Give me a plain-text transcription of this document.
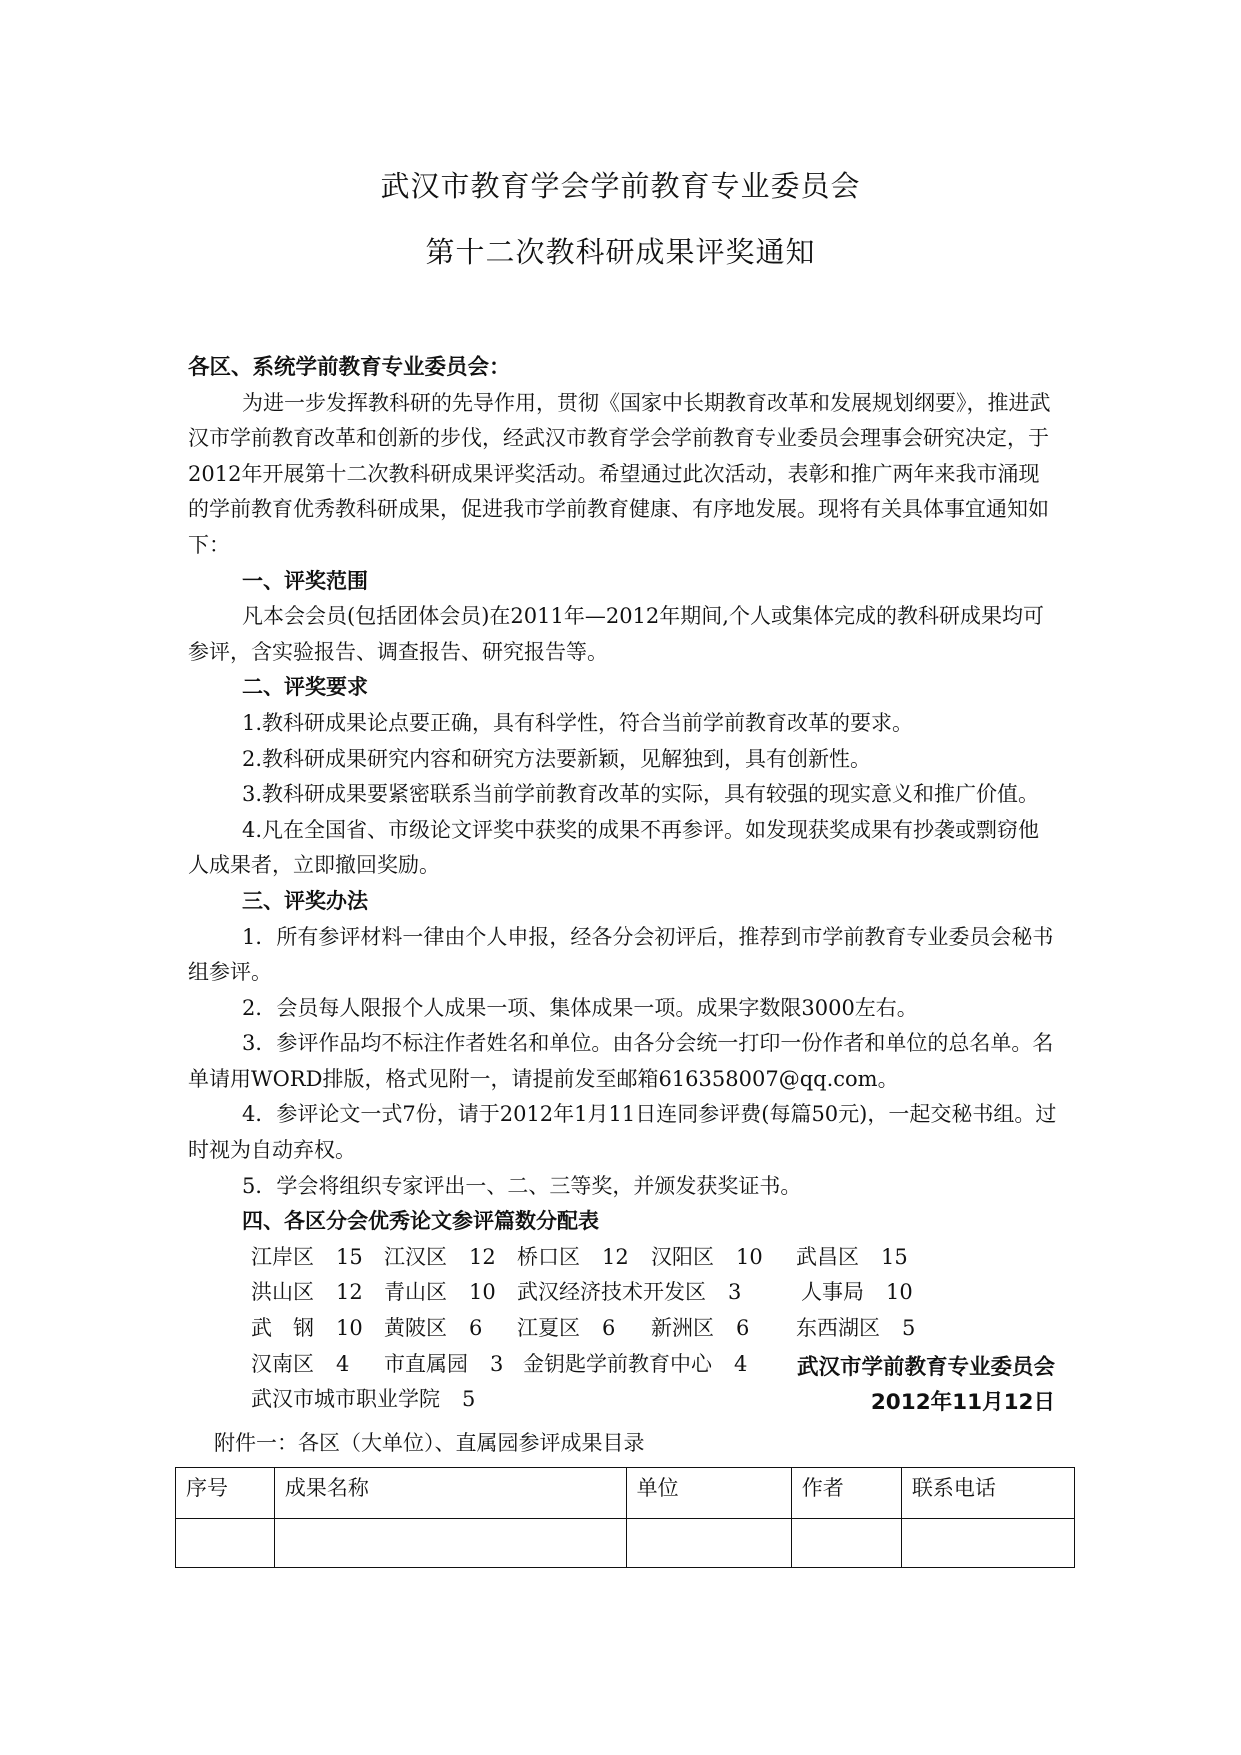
武汉市教育学会学前教育专业委员会
第十二次教科研成果评奖通知

各区、系统学前教育专业委员会：

为进一步发挥教科研的先导作用，贯彻《国家中长期教育改革和发展规划纲要》，推进武汉市学前教育改革和创新的步伐，经武汉市教育学会学前教育专业委员会理事会研究决定，于2012年开展第十二次教科研成果评奖活动。希望通过此次活动，表彰和推广两年来我市涌现的学前教育优秀教科研成果，促进我市学前教育健康、有序地发展。现将有关具体事宜通知如下：

一、评奖范围

凡本会会员(包括团体会员)在2011年—2012年期间,个人或集体完成的教科研成果均可参评，含实验报告、调查报告、研究报告等。

二、评奖要求

1.教科研成果论点要正确，具有科学性，符合当前学前教育改革的要求。

2.教科研成果研究内容和研究方法要新颖，见解独到，具有创新性。

3.教科研成果要紧密联系当前学前教育改革的实际，具有较强的现实意义和推广价值。

4.凡在全国省、市级论文评奖中获奖的成果不再参评。如发现获奖成果有抄袭或剽窃他人成果者，立即撤回奖励。

三、评奖办法

1．所有参评材料一律由个人申报，经各分会初评后，推荐到市学前教育专业委员会秘书组参评。

2．会员每人限报个人成果一项、集体成果一项。成果字数限3000左右。

3．参评作品均不标注作者姓名和单位。由各分会统一打印一份作者和单位的总名单。名单请用WORD排版，格式见附一，请提前发至邮箱616358007@qq.com。

4．参评论文一式7份，请于2012年1月11日连同参评费(每篇50元)，一起交秘书组。过时视为自动弃权。

5．学会将组织专家评出一、二、三等奖，并颁发获奖证书。

四、各区分会优秀论文参评篇数分配表

江岸区 15 江汉区 12 桥口区 12 汉阳区 10 武昌区 15
洪山区 12 青山区 10 武汉经济技术开发区 3	人事局 10
武　钢 10 黄陂区 6 江夏区 6 新洲区 6 东西湖区 5
汉南区 4 市直属园 3 金钥匙学前教育中心 4
武汉市城市职业学院 5
武汉市学前教育专业委员会
2012年11月12日
附件一：各区（大单位）、直属园参评成果目录
序号	成果名称	单位	作者	联系电话
